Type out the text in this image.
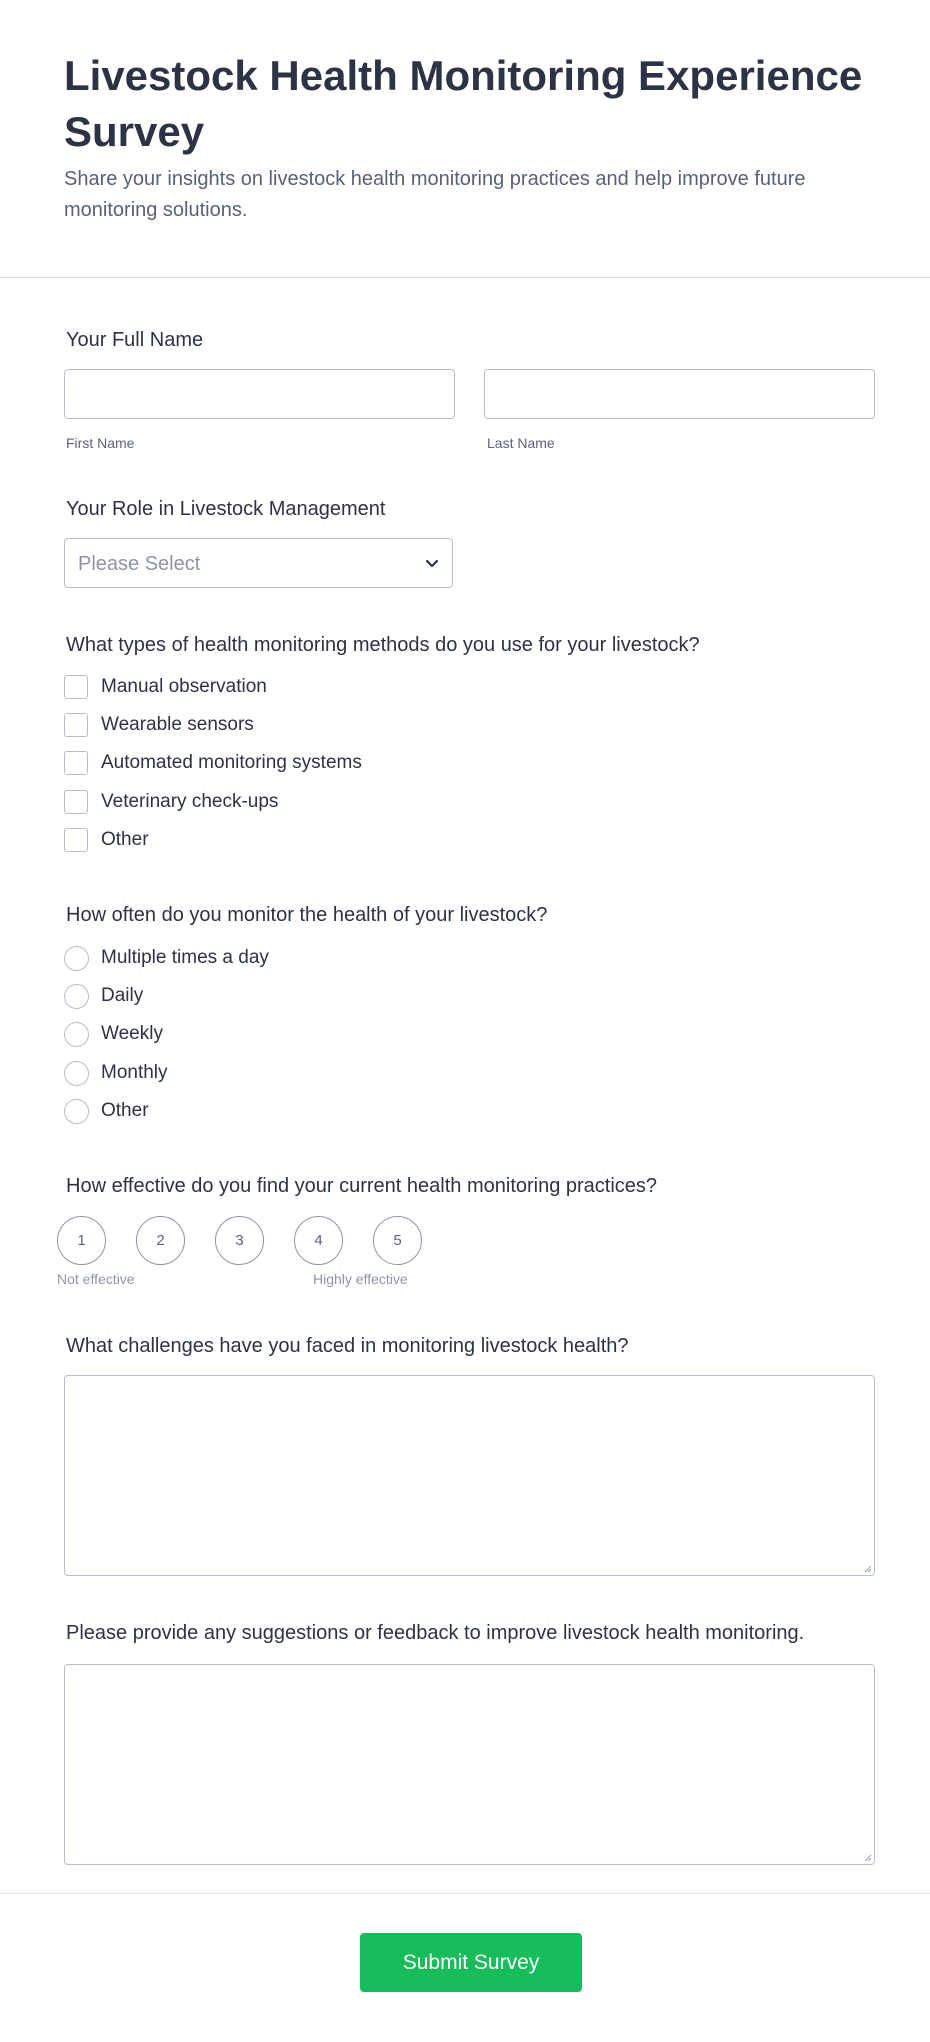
Livestock Health Monitoring Experience Survey

Share your insights on livestock health monitoring practices and help improve future monitoring solutions.

Your Full Name
First Name	Last Name
Your Role in Livestock Management
Please Select
What types of health monitoring methods do you use for your livestock?
Manual observation
Wearable sensors
Automated monitoring systems
Veterinary check-ups
Other
How often do you monitor the health of your livestock?
Multiple times a day
Daily
Weekly
Monthly
Other
How effective do you find your current health monitoring practices?
1	2	3	4	5
Not effective	Highly effective
What challenges have you faced in monitoring livestock health?
Please provide any suggestions or feedback to improve livestock health monitoring.
Submit Survey
